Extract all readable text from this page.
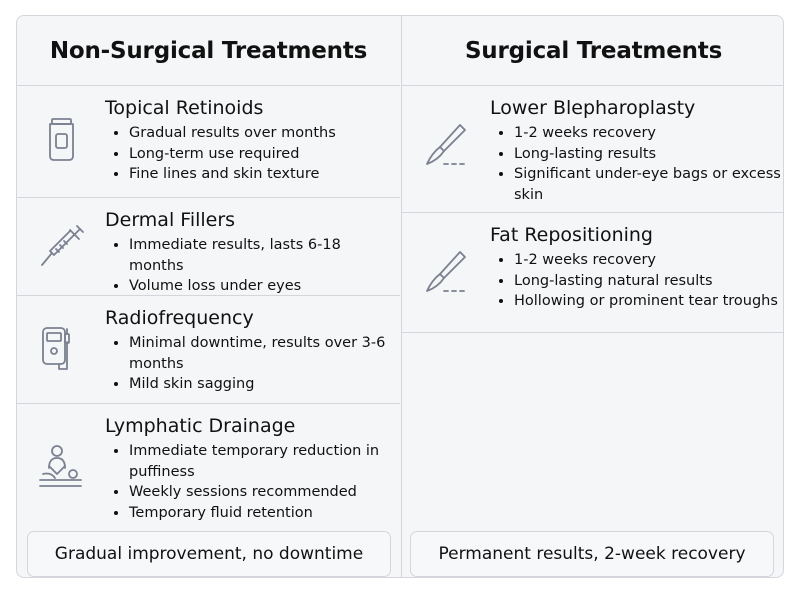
Non-Surgical Treatments
Topical Retinoids
• Gradual results over months
• Long-term use required
• Fine lines and skin texture
Dermal Fillers
• Immediate results, lasts 6-18 months
• Volume loss under eyes
Radiofrequency
• Minimal downtime, results over 3-6 months
• Mild skin sagging
Lymphatic Drainage
• Immediate temporary reduction in puffiness
• Weekly sessions recommended
• Temporary fluid retention
Gradual improvement, no downtime
Surgical Treatments
Lower Blepharoplasty
• 1-2 weeks recovery
• Long-lasting results
• Significant under-eye bags or excess skin
Fat Repositioning
• 1-2 weeks recovery
• Long-lasting natural results
• Hollowing or prominent tear troughs
Permanent results, 2-week recovery
